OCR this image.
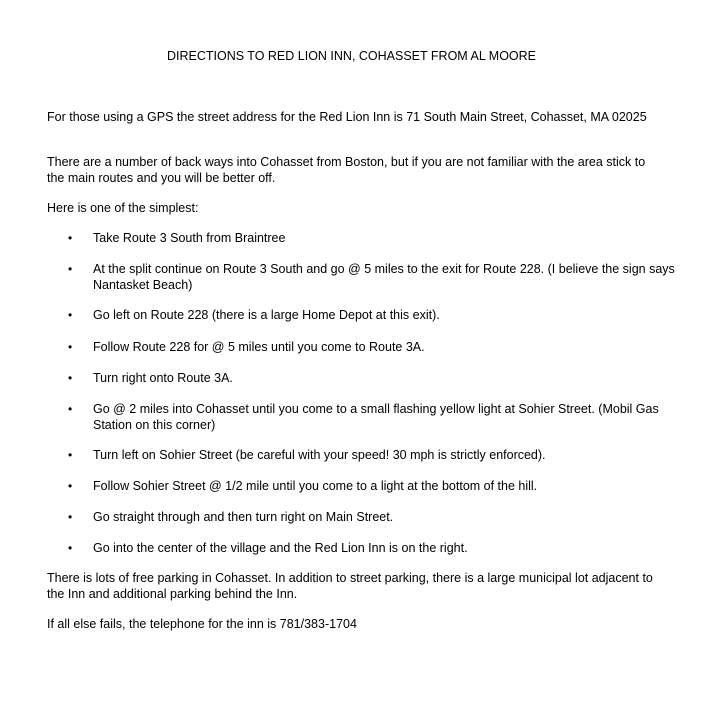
DIRECTIONS TO RED LION INN, COHASSET FROM AL MOORE

For those using a GPS the street address for the Red Lion Inn is 71 South Main Street, Cohasset, MA 02025

There are a number of back ways into Cohasset from Boston, but if you are not familiar with the area stick to the main routes and you will be better off.

Here is one of the simplest:

• Take Route 3 South from Braintree
• At the split continue on Route 3 South and go @ 5 miles to the exit for Route 228. (I believe the sign says Nantasket Beach)
• Go left on Route 228 (there is a large Home Depot at this exit).
• Follow Route 228 for @ 5 miles until you come to Route 3A.
• Turn right onto Route 3A.
• Go @ 2 miles into Cohasset until you come to a small flashing yellow light at Sohier Street. (Mobil Gas Station on this corner)
• Turn left on Sohier Street (be careful with your speed! 30 mph is strictly enforced).
• Follow Sohier Street @ 1/2 mile until you come to a light at the bottom of the hill.
• Go straight through and then turn right on Main Street.
• Go into the center of the village and the Red Lion Inn is on the right.

There is lots of free parking in Cohasset. In addition to street parking, there is a large municipal lot adjacent to the Inn and additional parking behind the Inn.

If all else fails, the telephone for the inn is 781/383-1704
